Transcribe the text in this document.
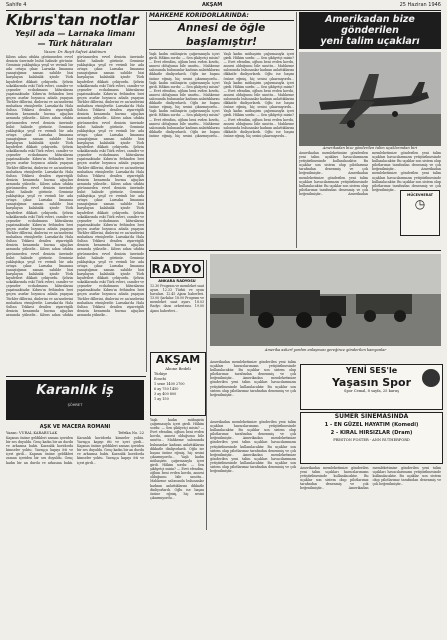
Sahife 4	AKŞAM	25 Haziran 1946
Kıbrıs'tan notlar
Yeşil ada — Larnaka limanı
— Türk hâtıraları
Yazan: Dr. Reşit Safvet Atabinen
Kıbrıs adası ufukta görünmeden evvel denizin üzerinde bulut halinde görünür. Gemimiz yaklaştıkça yeşil ve verimli bir ada ortaya çıkar. Larnaka limanına yanaştığımız zaman sahilde bizi karşılayan kalabalık içinde Türk kıyafetleri dikkati çekiyordu. Şehrin sokaklarında eski Türk evleri, camiler ve çeşmeler ecdadımızın hâtıralarını yaşatmaktadır. Kıbrıs'ın fethinden beri geçen asırlar boyunca adada yaşayan Türkler dillerini, dinlerini ve an'anelerini muhafaza etmişlerdir. Larnaka'da Hala Sultan Tekkesi denilen ziyaretgâh denizin kenarında hurma ağaçları arasında yükselir... Kıbrıs adası ufukta görünmeden evvel denizin üzerinde bulut halinde görünür. Gemimiz yaklaştıkça yeşil ve verimli bir ada ortaya çıkar. Larnaka limanına yanaştığımız zaman sahilde bizi karşılayan kalabalık içinde Türk kıyafetleri dikkati çekiyordu. Şehrin sokaklarında eski Türk evleri, camiler ve çeşmeler ecdadımızın hâtıralarını yaşatmaktadır. Kıbrıs'ın fethinden beri geçen asırlar boyunca adada yaşayan Türkler dillerini, dinlerini ve an'anelerini muhafaza etmişlerdir. Larnaka'da Hala Sultan Tekkesi denilen ziyaretgâh denizin kenarında hurma ağaçları arasında yükselir... Kıbrıs adası ufukta görünmeden evvel denizin üzerinde bulut halinde görünür. Gemimiz yaklaştıkça yeşil ve verimli bir ada ortaya çıkar. Larnaka limanına yanaştığımız zaman sahilde bizi karşılayan kalabalık içinde Türk kıyafetleri dikkati çekiyordu. Şehrin sokaklarında eski Türk evleri, camiler ve çeşmeler ecdadımızın hâtıralarını yaşatmaktadır. Kıbrıs'ın fethinden beri geçen asırlar boyunca adada yaşayan Türkler dillerini, dinlerini ve an'anelerini muhafaza etmişlerdir. Larnaka'da Hala Sultan Tekkesi denilen ziyaretgâh denizin kenarında hurma ağaçları arasında yükselir... Kıbrıs adası ufukta görünmeden evvel denizin üzerinde bulut halinde görünür. Gemimiz yaklaştıkça yeşil ve verimli bir ada ortaya çıkar. Larnaka limanına yanaştığımız zaman sahilde bizi karşılayan kalabalık içinde Türk kıyafetleri dikkati çekiyordu. Şehrin sokaklarında eski Türk evleri, camiler ve çeşmeler ecdadımızın hâtıralarını yaşatmaktadır. Kıbrıs'ın fethinden beri geçen asırlar boyunca adada yaşayan Türkler dillerini, dinlerini ve an'anelerini muhafaza etmişlerdir. Larnaka'da Hala Sultan Tekkesi denilen ziyaretgâh denizin kenarında hurma ağaçları arasında yükselir... Kıbrıs adası ufukta görünmeden evvel denizin üzerinde bulut halinde görünür. Gemimiz yaklaştıkça yeşil ve verimli bir ada ortaya çıkar. Larnaka limanına yanaştığımız zaman sahilde bizi karşılayan kalabalık içinde Türk kıyafetleri dikkati çekiyordu. Şehrin sokaklarında eski Türk evleri, camiler ve çeşmeler ecdadımızın hâtıralarını yaşatmaktadır. Kıbrıs'ın fethinden beri geçen asırlar boyunca adada yaşayan Türkler dillerini, dinlerini ve an'anelerini muhafaza etmişlerdir. Larnaka'da Hala Sultan Tekkesi denilen ziyaretgâh denizin kenarında hurma ağaçları arasında yükselir... Kıbrıs adası ufukta görünmeden evvel denizin üzerinde bulut halinde görünür. Gemimiz yaklaştıkça yeşil ve verimli bir ada ortaya çıkar. Larnaka limanına yanaştığımız zaman sahilde bizi karşılayan kalabalık içinde Türk kıyafetleri dikkati çekiyordu. Şehrin sokaklarında eski Türk evleri, camiler ve çeşmeler ecdadımızın hâtıralarını yaşatmaktadır. Kıbrıs'ın fethinden beri geçen asırlar boyunca adada yaşayan Türkler dillerini, dinlerini ve an'anelerini muhafaza etmişlerdir. Larnaka'da Hala Sultan Tekkesi denilen ziyaretgâh denizin kenarında hurma ağaçları arasında yükselir... Kıbrıs adası ufukta görünmeden evvel denizin üzerinde bulut halinde görünür. Gemimiz yaklaştıkça yeşil ve verimli bir ada ortaya çıkar. Larnaka limanına yanaştığımız zaman sahilde bizi karşılayan kalabalık içinde Türk kıyafetleri dikkati çekiyordu. Şehrin sokaklarında eski Türk evleri, camiler ve çeşmeler ecdadımızın hâtıralarını yaşatmaktadır. Kıbrıs'ın fethinden beri geçen asırlar boyunca adada yaşayan Türkler dillerini, dinlerini ve an'anelerini muhafaza etmişlerdir. Larnaka'da Hala Sultan Tekkesi denilen ziyaretgâh denizin kenarında hurma ağaçları arasında yükselir... Kıbrıs adası ufukta görünmeden evvel denizin üzerinde bulut halinde görünür. Gemimiz yaklaştıkça yeşil ve verimli bir ada ortaya çıkar. Larnaka limanına yanaştığımız zaman sahilde bizi karşılayan kalabalık içinde Türk kıyafetleri dikkati çekiyordu. Şehrin sokaklarında eski Türk evleri, camiler ve çeşmeler ecdadımızın hâtıralarını yaşatmaktadır. Kıbrıs'ın fethinden beri geçen asırlar boyunca adada yaşayan Türkler dillerini, dinlerini ve an'anelerini muhafaza etmişlerdir. Larnaka'da Hala Sultan Tekkesi denilen ziyaretgâh denizin kenarında hurma ağaçları arasında yükselir...
MAHKEME KORİDORLARINDA:
Annesi de öğle başlamıştır!
Yaşlı kadın mübaşirin çağırmasıyla içeri girdi. Hâkim sordu: — Sen şikâyetçi misin? — Evet efendim, oğlum beni evden kovdu, annesi olduğumu bile unuttu... Mahkeme salonunda bulunanlar kadının anlattıklarını dikkatle dinliyorlardı. Oğlu ise başını önüne eğmiş, hiç sesini çıkarmıyordu... Yaşlı kadın mübaşirin çağırmasıyla içeri girdi. Hâkim sordu: — Sen şikâyetçi misin? — Evet efendim, oğlum beni evden kovdu, annesi olduğumu bile unuttu... Mahkeme salonunda bulunanlar kadının anlattıklarını dikkatle dinliyorlardı. Oğlu ise başını önüne eğmiş, hiç sesini çıkarmıyordu... Yaşlı kadın mübaşirin çağırmasıyla içeri girdi. Hâkim sordu: — Sen şikâyetçi misin? — Evet efendim, oğlum beni evden kovdu, annesi olduğumu bile unuttu... Mahkeme salonunda bulunanlar kadının anlattıklarını dikkatle dinliyorlardı. Oğlu ise başını önüne eğmiş, hiç sesini çıkarmıyordu... Yaşlı kadın mübaşirin çağırmasıyla içeri girdi. Hâkim sordu: — Sen şikâyetçi misin? — Evet efendim, oğlum beni evden kovdu, annesi olduğumu bile unuttu... Mahkeme salonunda bulunanlar kadının anlattıklarını dikkatle dinliyorlardı. Oğlu ise başını önüne eğmiş, hiç sesini çıkarmıyordu... Yaşlı kadın mübaşirin çağırmasıyla içeri girdi. Hâkim sordu: — Sen şikâyetçi misin? — Evet efendim, oğlum beni evden kovdu, annesi olduğumu bile unuttu... Mahkeme salonunda bulunanlar kadının anlattıklarını dikkatle dinliyorlardı. Oğlu ise başını önüne eğmiş, hiç sesini çıkarmıyordu... Yaşlı kadın mübaşirin çağırmasıyla içeri girdi. Hâkim sordu: — Sen şikâyetçi misin? — Evet efendim, oğlum beni evden kovdu, annesi olduğumu bile unuttu... Mahkeme salonunda bulunanlar kadının anlattıklarını dikkatle dinliyorlardı. Oğlu ise başını önüne eğmiş, hiç sesini çıkarmıyordu...
Amerikadan bize gönderilen
yeni talim uçakları
Amerikadan bize gönderilen talim uçaklarından biri
Amerikadan memleketimize gönderilen yeni talim uçakları havacılarımızın yetiştirilmesinde kullanılacaktır. Bu uçaklar son sistem olup pilotlarımız tarafından denenmiş ve çok beğenilmiştir...	Amerikadan memleketimize gönderilen yeni talim uçakları havacılarımızın yetiştirilmesinde kullanılacaktır. Bu uçaklar son sistem olup pilotlarımız tarafından denenmiş ve çok beğenilmiştir...	Amerikadan memleketimize gönderilen yeni talim uçakları havacılarımızın yetiştirilmesinde kullanılacaktır. Bu uçaklar son sistem olup pilotlarımız tarafından denenmiş ve çok beğenilmiştir...	Amerikadan memleketimize gönderilen yeni talim uçakları havacılarımızın yetiştirilmesinde kullanılacaktır. Bu uçaklar son sistem olup pilotlarımız tarafından denenmiş ve çok beğenilmiştir...
MÜCEVHERAT
◷
RADYO
ANKARA RADYOSU
12.30 Program ve memleket saat ayarı. 12.33 Türkü ve oyun havaları. 12.45 Ajans haberleri. 13.00 Şarkılar. 18.00 Program ve memleket saat ayarı. 18.03 Radyo dans orkestrası. 19.00 Ajans haberleri...
AKŞAM
Abone Bedeli
Türkiye
Ecnebi
1 sene 1400 2700
6 ay 750 1450
3 ay 400 800
1 ay 150
Yaşlı kadın mübaşirin çağırmasıyla içeri girdi. Hâkim sordu: — Sen şikâyetçi misin? — Evet efendim, oğlum beni evden kovdu, annesi olduğumu bile unuttu... Mahkeme salonunda bulunanlar kadının anlattıklarını dikkatle dinliyorlardı. Oğlu ise başını önüne eğmiş, hiç sesini çıkarmıyordu... Yaşlı kadın mübaşirin çağırmasıyla içeri girdi. Hâkim sordu: — Sen şikâyetçi misin? — Evet efendim, oğlum beni evden kovdu, annesi olduğumu bile unuttu... Mahkeme salonunda bulunanlar kadının anlattıklarını dikkatle dinliyorlardı. Oğlu ise başını önüne eğmiş, hiç sesini çıkarmıyordu...
Amerika askerî yardım anlaşması gereğince gönderilen kamyonlar
Amerikadan memleketimize gönderilen yeni talim uçakları havacılarımızın yetiştirilmesinde kullanılacaktır. Bu uçaklar son sistem olup pilotlarımız tarafından denenmiş ve çok beğenilmiştir...	Amerikadan memleketimize gönderilen yeni talim uçakları havacılarımızın yetiştirilmesinde kullanılacaktır. Bu uçaklar son sistem olup pilotlarımız tarafından denenmiş ve çok beğenilmiştir...
YENİ SES'le
Yaşasın Spor
Spor Cemal, 8 sayfa, 25 kuruş
SÜMER SİNEMASINDA
1 - EN GÜZEL HAYATIM (Komedi)
2 - KIRAL HIRSIZLAR (Dram)
PRESTON FOSTER - ANN RUTHERFORD
Amerikadan memleketimize gönderilen yeni talim uçakları havacılarımızın yetiştirilmesinde kullanılacaktır. Bu uçaklar son sistem olup pilotlarımız tarafından denenmiş ve çok beğenilmiştir...	Amerikadan memleketimize gönderilen yeni talim uçakları havacılarımızın yetiştirilmesinde kullanılacaktır. Bu uçaklar son sistem olup pilotlarımız tarafından denenmiş ve çok beğenilmiştir...	Amerikadan memleketimize gönderilen yeni talim uçakları havacılarımızın yetiştirilmesinde kullanılacaktır. Bu uçaklar son sistem olup pilotlarımız tarafından denenmiş ve çok beğenilmiştir...
Amerikadan memleketimize gönderilen yeni talim uçakları havacılarımızın yetiştirilmesinde kullanılacaktır. Bu uçaklar son sistem olup pilotlarımız tarafından denenmiş ve çok beğenilmiştir...	Amerikadan memleketimize gönderilen yeni talim uçakları havacılarımızın yetiştirilmesinde kullanılacaktır. Bu uçaklar son sistem olup pilotlarımız tarafından denenmiş ve çok beğenilmiştir...
Karanlık iş
ŞÖHRET
AŞK VE MACERA ROMANI
Yazan: VURAL KARABULAK	Tefrika No. 22
Kapının önüne geldikleri zaman içeriden bir ses duyuldu. Genç kadın bir an durdu ve arkasına baktı. Karanlık koridorda kimseler yoktu. Yavaşça kapıyı itti ve içeri girdi... Kapının önüne geldikleri zaman içeriden bir ses duyuldu. Genç kadın bir an durdu ve arkasına baktı. Karanlık koridorda kimseler yoktu. Yavaşça kapıyı itti ve içeri girdi... Kapının önüne geldikleri zaman içeriden bir ses duyuldu. Genç kadın bir an durdu ve arkasına baktı. Karanlık koridorda kimseler yoktu. Yavaşça kapıyı itti ve içeri girdi...
